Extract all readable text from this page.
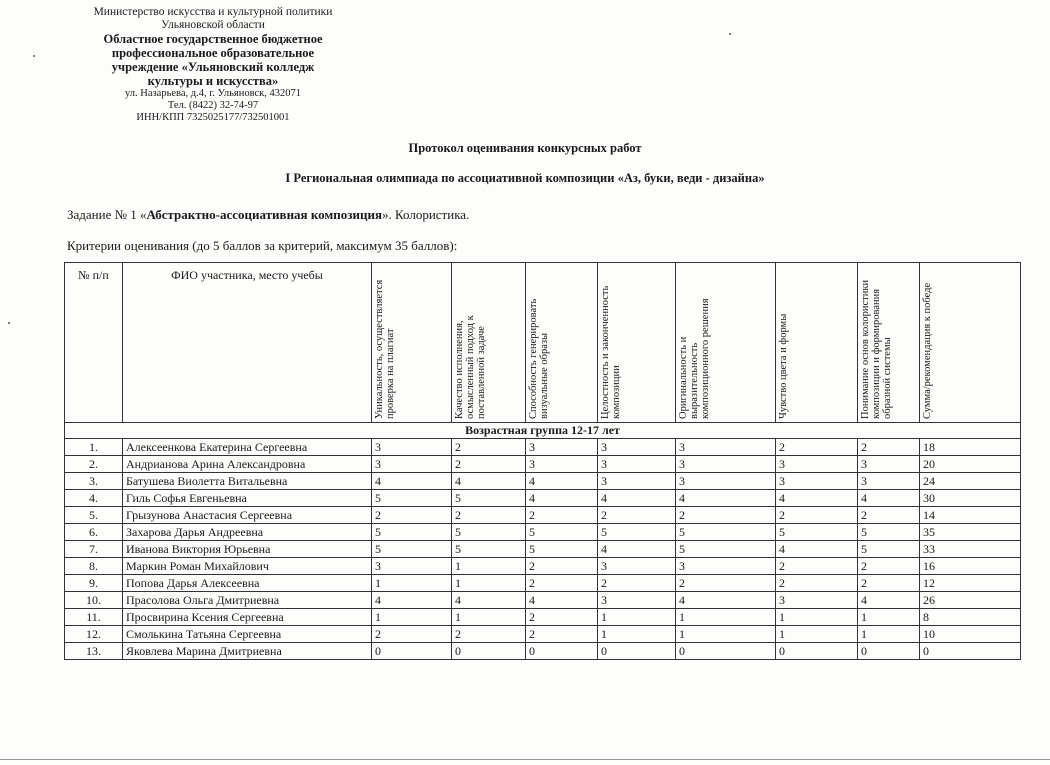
Министерство искусства и культурной политики
Ульяновской области
Областное государственное бюджетное
профессиональное образовательное
учреждение «Ульяновский колледж
культуры и искусства»
ул. Назарьева, д.4, г. Ульяновск, 432071
Тел. (8422) 32-74-97
ИНН/КПП 7325025177/732501001
Протокол оценивания конкурсных работ
I Региональная олимпиада по ассоциативной композиции «Аз, буки, веди - дизайна»
Задание № 1 «Абстрактно-ассоциативная композиция». Колористика.
Критерии оценивания (до 5 баллов за критерий, максимум 35 баллов):
№ п/п	ФИО участника, место учебы	Уникальность, осуществляется проверка на плагиат	Качество исполнения, осмысленный подход к поставленной задаче	Способность генерировать визуальные образы	Целостность и законченность композиции	Оригинальность и выразительность композиционного решения	Чувство цвета и формы	Понимание основ колористики композиции и формирования образной системы	Сумма/рекомендация к победе

Возрастная группа 12-17 лет									
1.	Алексеенкова Екатерина Сергеевна	3	2	3	3	3	2	2	18
2.	Андрианова Арина Александровна	3	2	3	3	3	3	3	20
3.	Батушева Виолетта Витальевна	4	4	4	3	3	3	3	24
4.	Гиль Софья Евгеньевна	5	5	4	4	4	4	4	30
5.	Грызунова Анастасия Сергеевна	2	2	2	2	2	2	2	14
6.	Захарова Дарья Андреевна	5	5	5	5	5	5	5	35
7.	Иванова Виктория Юрьевна	5	5	5	4	5	4	5	33
8.	Маркин Роман Михайлович	3	1	2	3	3	2	2	16
9.	Попова Дарья Алексеевна	1	1	2	2	2	2	2	12
10.	Прасолова Ольга Дмитриевна	4	4	4	3	4	3	4	26
11.	Просвирина Ксения Сергеевна	1	1	2	1	1	1	1	8
12.	Смолькина Татьяна Сергеевна	2	2	2	1	1	1	1	10
13.	Яковлева Марина Дмитриевна	0	0	0	0	0	0	0	0
